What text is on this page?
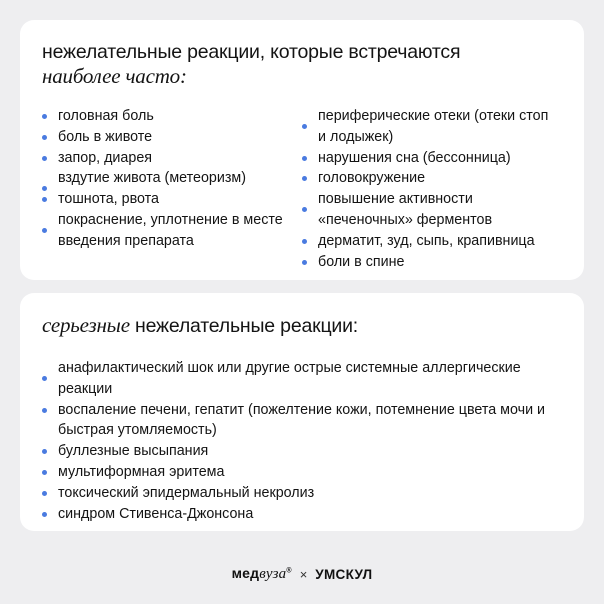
нежелательные реакции, которые встречаются
наиболее часто:
головная боль
боль в животе
запор, диарея
вздутие живота (метеоризм)
тошнота, рвота
покраснение, уплотнение в месте введения препарата
периферические отеки (отеки стоп и лодыжек)
нарушения сна (бессонница)
головокружение
повышение активности «печеночных» ферментов
дерматит, зуд, сыпь, крапивница
боли в спине
серьезные нежелательные реакции:
анафилактический шок или другие острые системные аллергические реакции
воспаление печени, гепатит (пожелтение кожи, потемнение цвета мочи и быстрая утомляемость)
буллезные высыпания
мультиформная эритема
токсический эпидермальный некролиз
синдром Стивенса-Джонсона
медвуза® × УМСКУЛ
